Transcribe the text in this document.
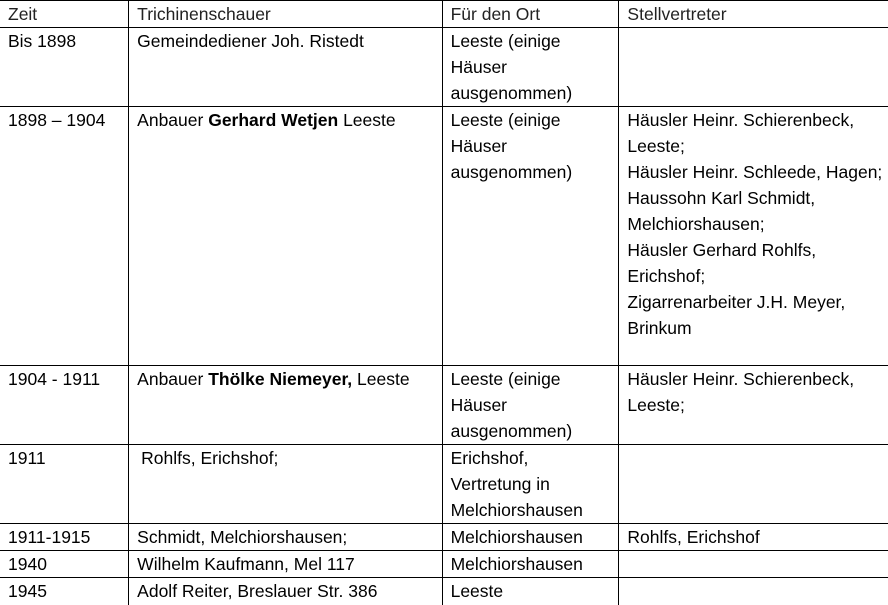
Zeit	Trichinenschauer	Für den Ort	Stellvertreter
Bis 1898	Gemeindediener Joh. Ristedt	Leeste (einige Häuser ausgenommen)	
1898 – 1904	Anbauer Gerhard Wetjen Leeste	Leeste (einige Häuser ausgenommen)	Häusler Heinr. Schierenbeck, Leeste;
Häusler Heinr. Schleede, Hagen;
Haussohn Karl Schmidt, Melchiorshausen;
Häusler Gerhard Rohlfs, Erichshof;
Zigarrenarbeiter J.H. Meyer, Brinkum

1904 - 1911	Anbauer Thölke Niemeyer, Leeste	Leeste (einige Häuser ausgenommen)	Häusler Heinr. Schierenbeck, Leeste;

1911	Rohlfs, Erichshof;	Erichshof, Vertretung in Melchiorshausen	
1911-1915	Schmidt, Melchiorshausen;	Melchiorshausen	Rohlfs, Erichshof

1940	Wilhelm Kaufmann, Mel 117	Melchiorshausen	
1945	Adolf Reiter, Breslauer Str. 386	Leeste	
